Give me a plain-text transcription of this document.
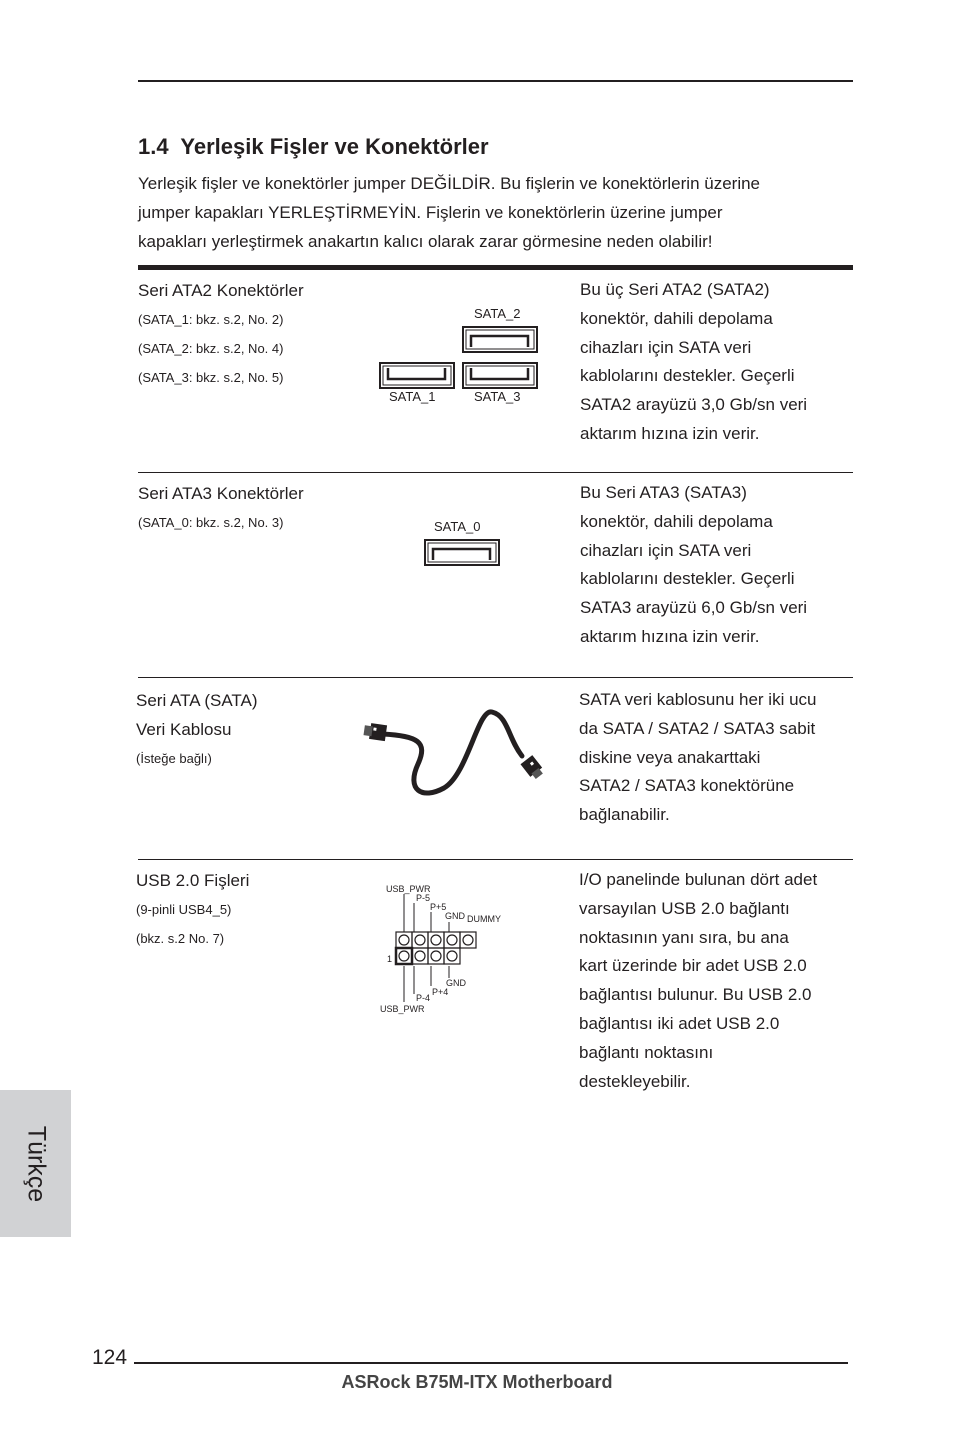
1.4 Yerleşik Fişler ve Konektörler

Yerleşik fişler ve konektörler jumper DEĞİLDİR. Bu fişlerin ve konektörlerin üzerine

jumper kapakları YERLEŞTİRMEYİN. Fişlerin ve konektörlerin üzerine jumper

kapakları yerleştirmek anakartın kalıcı olarak zarar görmesine neden olabilir!

Seri ATA2 Konektörler
(SATA_1: bkz. s.2, No. 2)
(SATA_2: bkz. s.2, No. 4)
(SATA_3: bkz. s.2, No. 5)
SATA_2
SATA_1	SATA_3

Bu üç Seri ATA2 (SATA2)

konektör, dahili depolama

cihazları için SATA veri

kablolarını destekler. Geçerli

SATA2 arayüzü 3,0 Gb/sn veri

aktarım hızına izin verir.

Seri ATA3 Konektörler
(SATA_0: bkz. s.2, No. 3)	SATA_0

Bu Seri ATA3 (SATA3)

konektör, dahili depolama

cihazları için SATA veri

kablolarını destekler. Geçerli

SATA3 arayüzü 6,0 Gb/sn veri

aktarım hızına izin verir.

Seri ATA (SATA)
Veri Kablosu
(İsteğe bağlı)

SATA veri kablosunu her iki ucu

da SATA / SATA2 / SATA3 sabit

diskine veya anakarttaki

SATA2 / SATA3 konektörüne

bağlanabilir.

USB 2.0 Fişleri
(9-pinli USB4_5)
(bkz. s.2 No. 7)
USB_PWR
P-5
P+5
GND DUMMY
1
GND
P+4
P-4
USB_PWR

I/O panelinde bulunan dört adet

varsayılan USB 2.0 bağlantı

noktasının yanı sıra, bu ana

kart üzerinde bir adet USB 2.0

bağlantısı bulunur. Bu USB 2.0

bağlantısı iki adet USB 2.0

bağlantı noktasını

destekleyebilir.

Türkçe
124
ASRock B75M-ITX Motherboard
